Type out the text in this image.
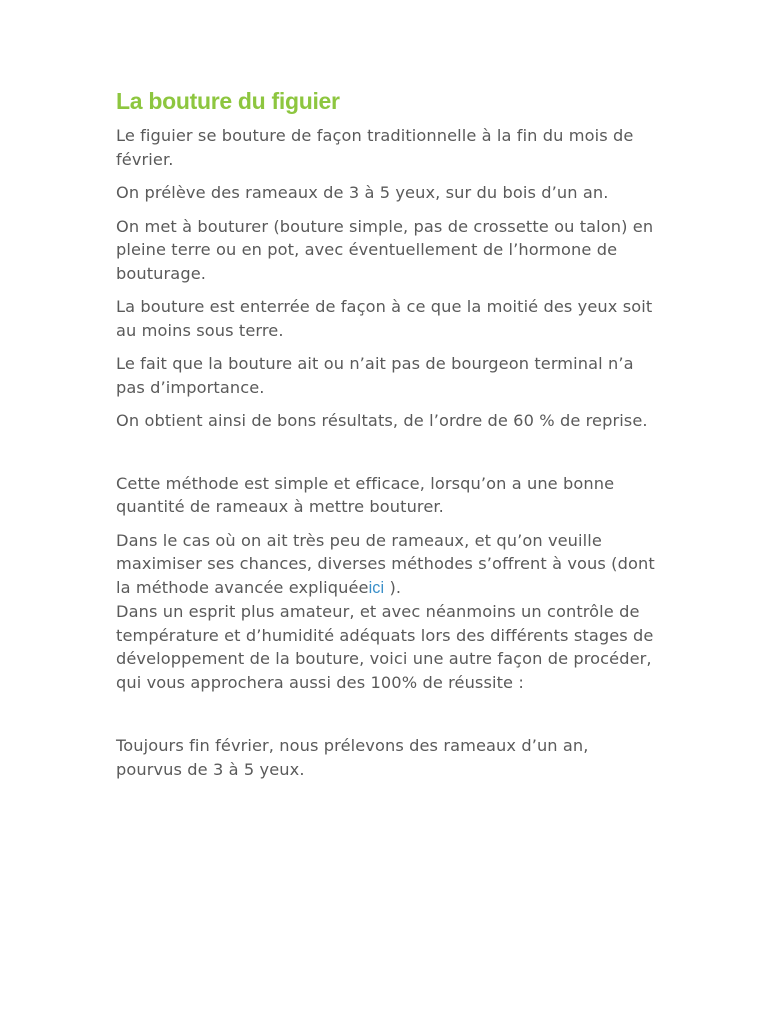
La bouture du figuier

Le figuier se bouture de façon traditionnelle à la fin du mois de février.

On prélève des rameaux de 3 à 5 yeux, sur du bois d’un an.

On met à bouturer (bouture simple, pas de crossette ou talon) en pleine terre ou en pot, avec éventuellement de l’hormone de bouturage.

La bouture est enterrée de façon à ce que la moitié des yeux soit au moins sous terre.

Le fait que la bouture ait ou n’ait pas de bourgeon terminal n’a pas d’importance.

On obtient ainsi de bons résultats, de l’ordre de 60 % de reprise.

Cette méthode est simple et efficace, lorsqu’on a une bonne quantité de rameaux à mettre bouturer.

Dans le cas où on ait très peu de rameaux, et qu’on veuille maximiser ses chances, diverses méthodes s’offrent à vous (dont la méthode avancée expliquéeici ).

Dans un esprit plus amateur, et avec néanmoins un contrôle de température et d’humidité adéquats lors des différents stages de développement de la bouture, voici une autre façon de procéder, qui vous approchera aussi des 100% de réussite :

Toujours fin février, nous prélevons des rameaux d’un an, pourvus de 3 à 5 yeux.
